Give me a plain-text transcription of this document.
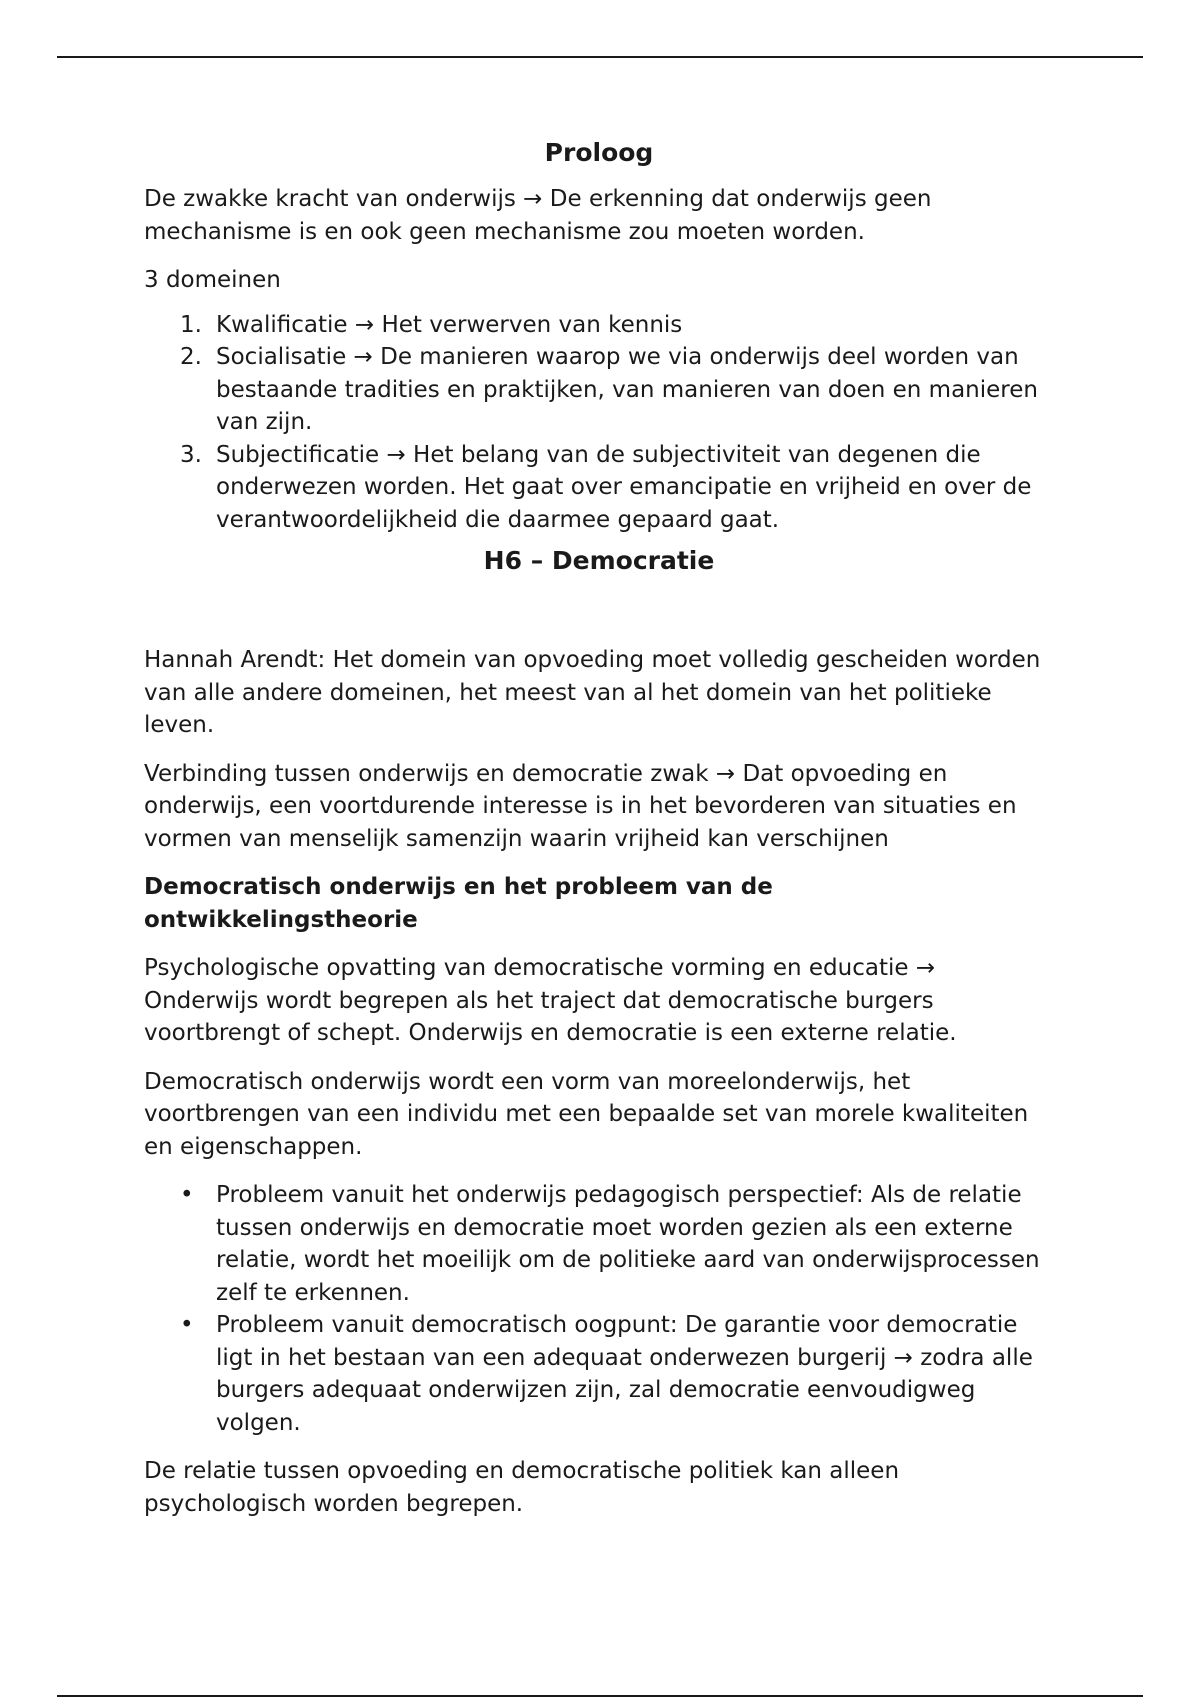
Proloog

De zwakke kracht van onderwijs → De erkenning dat onderwijs geen mechanisme is en ook geen mechanisme zou moeten worden.

3 domeinen

1. Kwalificatie → Het verwerven van kennis
2. Socialisatie → De manieren waarop we via onderwijs deel worden van bestaande tradities en praktijken, van manieren van doen en manieren van zijn.
3. Subjectificatie → Het belang van de subjectiviteit van degenen die onderwezen worden. Het gaat over emancipatie en vrijheid en over de verantwoordelijkheid die daarmee gepaard gaat.
H6 – Democratie

Hannah Arendt: Het domein van opvoeding moet volledig gescheiden worden van alle andere domeinen, het meest van al het domein van het politieke leven.

Verbinding tussen onderwijs en democratie zwak → Dat opvoeding en onderwijs, een voortdurende interesse is in het bevorderen van situaties en vormen van menselijk samenzijn waarin vrijheid kan verschijnen

Democratisch onderwijs en het probleem van de ontwikkelingstheorie

Psychologische opvatting van democratische vorming en educatie → Onderwijs wordt begrepen als het traject dat democratische burgers voortbrengt of schept. Onderwijs en democratie is een externe relatie.

Democratisch onderwijs wordt een vorm van moreelonderwijs, het voortbrengen van een individu met een bepaalde set van morele kwaliteiten en eigenschappen.

• Probleem vanuit het onderwijs pedagogisch perspectief: Als de relatie tussen onderwijs en democratie moet worden gezien als een externe relatie, wordt het moeilijk om de politieke aard van onderwijsprocessen zelf te erkennen.
• Probleem vanuit democratisch oogpunt: De garantie voor democratie ligt in het bestaan van een adequaat onderwezen burgerij → zodra alle burgers adequaat onderwijzen zijn, zal democratie eenvoudigweg volgen.

De relatie tussen opvoeding en democratische politiek kan alleen psychologisch worden begrepen.
